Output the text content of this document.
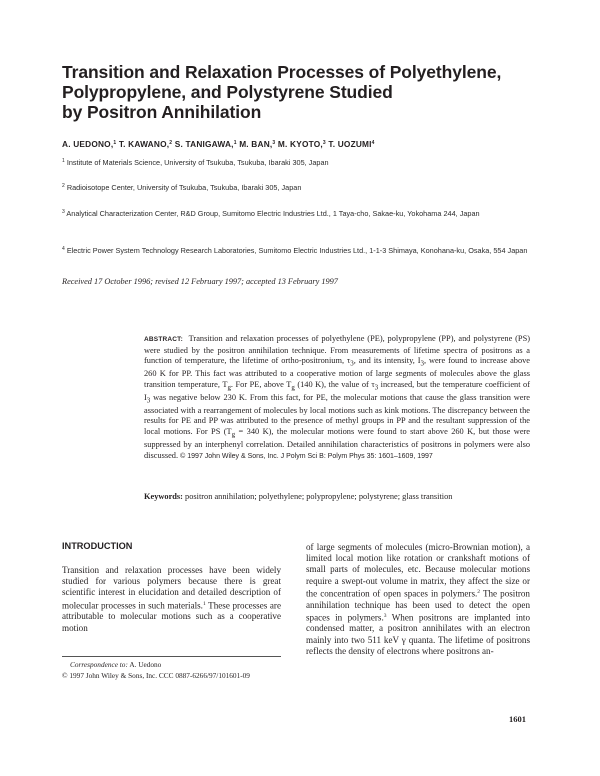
Transition and Relaxation Processes of Polyethylene,
Polypropylene, and Polystyrene Studied
by Positron Annihilation
A. UEDONO,$^1$ T. KAWANO,$^2$ S. TANIGAWA,$^1$ M. BAN,$^3$ M. KYOTO,$^3$ T. UOZUMI$^4$
$^1$ Institute of Materials Science, University of Tsukuba, Tsukuba, Ibaraki 305, Japan
$^2$ Radioisotope Center, University of Tsukuba, Tsukuba, Ibaraki 305, Japan
$^3$ Analytical Characterization Center, R&D Group, Sumitomo Electric Industries Ltd., 1 Taya-cho, Sakae-ku, Yokohama 244, Japan
$^4$ Electric Power System Technology Research Laboratories, Sumitomo Electric Industries Ltd., 1-1-3 Shimaya, Konohana-ku, Osaka, 554 Japan
Received 17 October 1996; revised 12 February 1997; accepted 13 February 1997
ABSTRACT: Transition and relaxation processes of polyethylene (PE), polypropylene (PP), and polystyrene (PS) were studied by the positron annihilation technique. From measurements of lifetime spectra of positrons as a function of temperature, the lifetime of ortho-positronium, $\tau_3$, and its intensity, $I_3$, were found to increase above 260 K for PP. This fact was attributed to a cooperative motion of large segments of molecules above the glass transition temperature, $T_g$. For PE, above $T_g$ (140 K), the value of $\tau_3$ increased, but the temperature coefficient of $I_3$ was negative below 230 K. From this fact, for PE, the molecular motions that cause the glass transition were associated with a rearrangement of molecules by local motions such as kink motions. The discrepancy between the results for PE and PP was attributed to the presence of methyl groups in PP and the resultant suppression of the local motions. For PS ($T_g = 340$ K), the molecular motions were found to start above 260 K, but those were suppressed by an interphenyl correlation. Detailed annihilation characteristics of positrons in polymers were also discussed. © 1997 John Wiley & Sons, Inc. J Polym Sci B: Polym Phys 35: 1601–1609, 1997
Keywords: positron annihilation; polyethylene; polypropylene; polystyrene; glass transition
INTRODUCTION
Transition and relaxation processes have been widely studied for various polymers because there is great scientific interest in elucidation and detailed description of molecular processes in such materials.$^1$ These processes are attributable to molecular motions such as a cooperative motion
of large segments of molecules (micro-Brownian motion), a limited local motion like rotation or crankshaft motions of small parts of molecules, etc. Because molecular motions require a swept-out volume in matrix, they affect the size or the concentration of open spaces in polymers.$^2$ The positron annihilation technique has been used to detect the open spaces in polymers.$^3$ When positrons are implanted into condensed matter, a positron annihilates with an electron mainly into two 511 keV γ quanta. The lifetime of positrons reflects the density of electrons where positrons an-
Correspondence to: A. Uedono
© 1997 John Wiley & Sons, Inc. CCC 0887-6266/97/101601-09
1601
